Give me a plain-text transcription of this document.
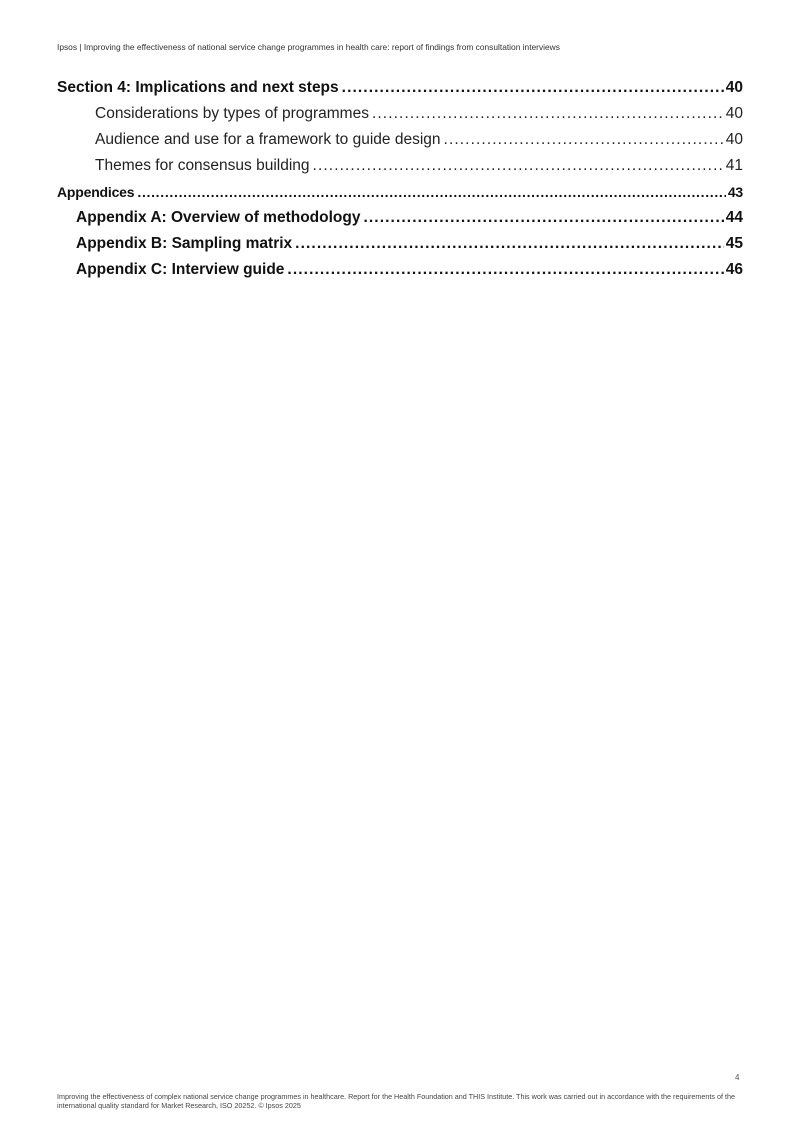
Ipsos | Improving the effectiveness of national service change programmes in health care: report of findings from consultation interviews
Section 4: Implications and next steps . . .	40
Considerations by types of programmes . . .	40
Audience and use for a framework to guide design . . .	40
Themes for consensus building . . .	41
Appendices . . .	43
Appendix A: Overview of methodology . . .	44
Appendix B: Sampling matrix . . .	45
Appendix C: Interview guide . . .	46
4
Improving the effectiveness of complex national service change programmes in healthcare. Report for the Health Foundation and THIS Institute. This work was carried out in accordance with the requirements of the international quality standard for Market Research, ISO 20252. © Ipsos 2025
